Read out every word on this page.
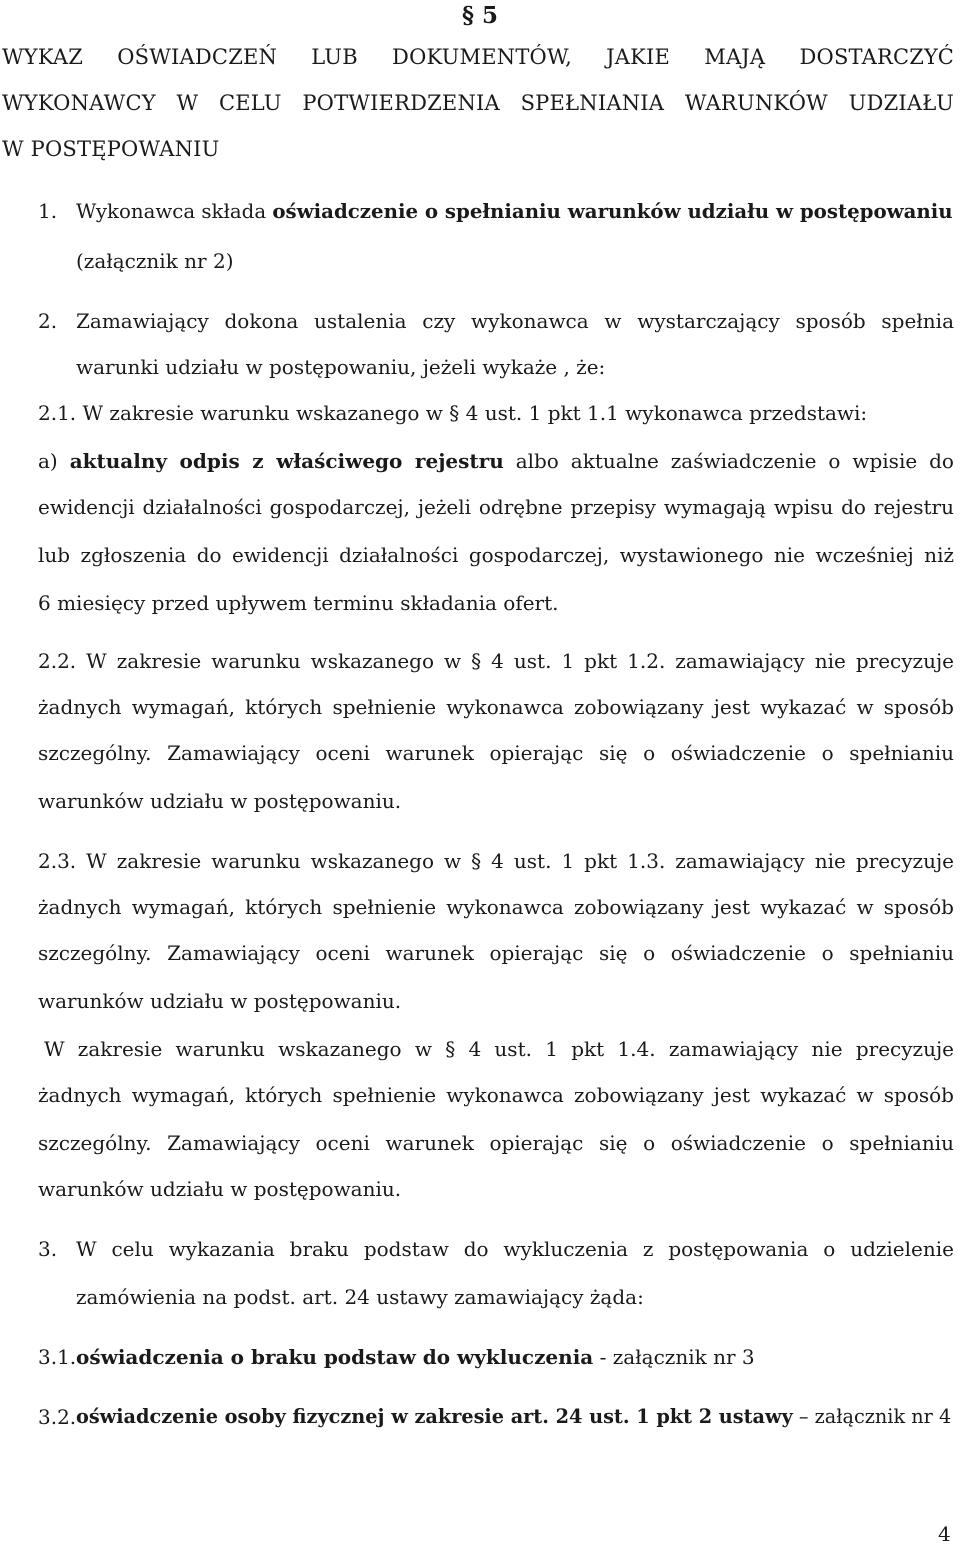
§ 5
WYKAZ OŚWIADCZEŃ LUB DOKUMENTÓW, JAKIE MAJĄ DOSTARCZYĆ
WYKONAWCY W CELU POTWIERDZENIA SPEŁNIANIA WARUNKÓW UDZIAŁU
W POSTĘPOWANIU
1. Wykonawca składa oświadczenie o spełnianiu warunków udziału w postępowaniu
(załącznik nr 2)
2. Zamawiający dokona ustalenia czy wykonawca w wystarczający sposób spełnia
warunki udziału w postępowaniu, jeżeli wykaże , że:
2.1. W zakresie warunku wskazanego w § 4 ust. 1 pkt 1.1 wykonawca przedstawi:
a) aktualny odpis z właściwego rejestru albo aktualne zaświadczenie o wpisie do
ewidencji działalności gospodarczej, jeżeli odrębne przepisy wymagają wpisu do rejestru
lub zgłoszenia do ewidencji działalności gospodarczej, wystawionego nie wcześniej niż
6 miesięcy przed upływem terminu składania ofert.
2.2. W zakresie warunku wskazanego w § 4 ust. 1 pkt 1.2. zamawiający nie precyzuje
żadnych wymagań, których spełnienie wykonawca zobowiązany jest wykazać w sposób
szczególny. Zamawiający oceni warunek opierając się o oświadczenie o spełnianiu
warunków udziału w postępowaniu.
2.3. W zakresie warunku wskazanego w § 4 ust. 1 pkt 1.3. zamawiający nie precyzuje
żadnych wymagań, których spełnienie wykonawca zobowiązany jest wykazać w sposób
szczególny. Zamawiający oceni warunek opierając się o oświadczenie o spełnianiu
warunków udziału w postępowaniu.
W zakresie warunku wskazanego w § 4 ust. 1 pkt 1.4. zamawiający nie precyzuje
żadnych wymagań, których spełnienie wykonawca zobowiązany jest wykazać w sposób
szczególny. Zamawiający oceni warunek opierając się o oświadczenie o spełnianiu
warunków udziału w postępowaniu.
3. W celu wykazania braku podstaw do wykluczenia z postępowania o udzielenie
zamówienia na podst. art. 24 ustawy zamawiający żąda:
3.1. oświadczenia o braku podstaw do wykluczenia - załącznik nr 3
3.2. oświadczenie osoby fizycznej w zakresie art. 24 ust. 1 pkt 2 ustawy – załącznik nr 4
4
